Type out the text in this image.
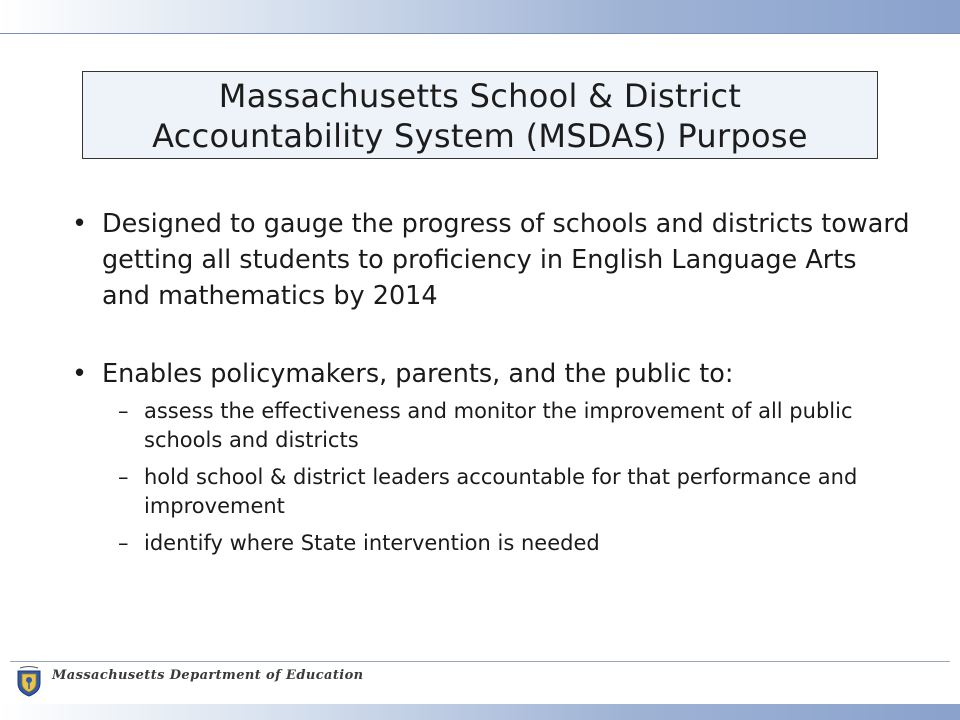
Massachusetts School & District
Accountability System (MSDAS) Purpose
• Designed to gauge the progress of schools and districts toward getting all students to proficiency in English Language Arts and mathematics by 2014
• Enables policymakers, parents, and the public to:
– assess the effectiveness and monitor the improvement of all public schools and districts
– hold school & district leaders accountable for that performance and improvement
– identify where State intervention is needed
Massachusetts Department of Education
